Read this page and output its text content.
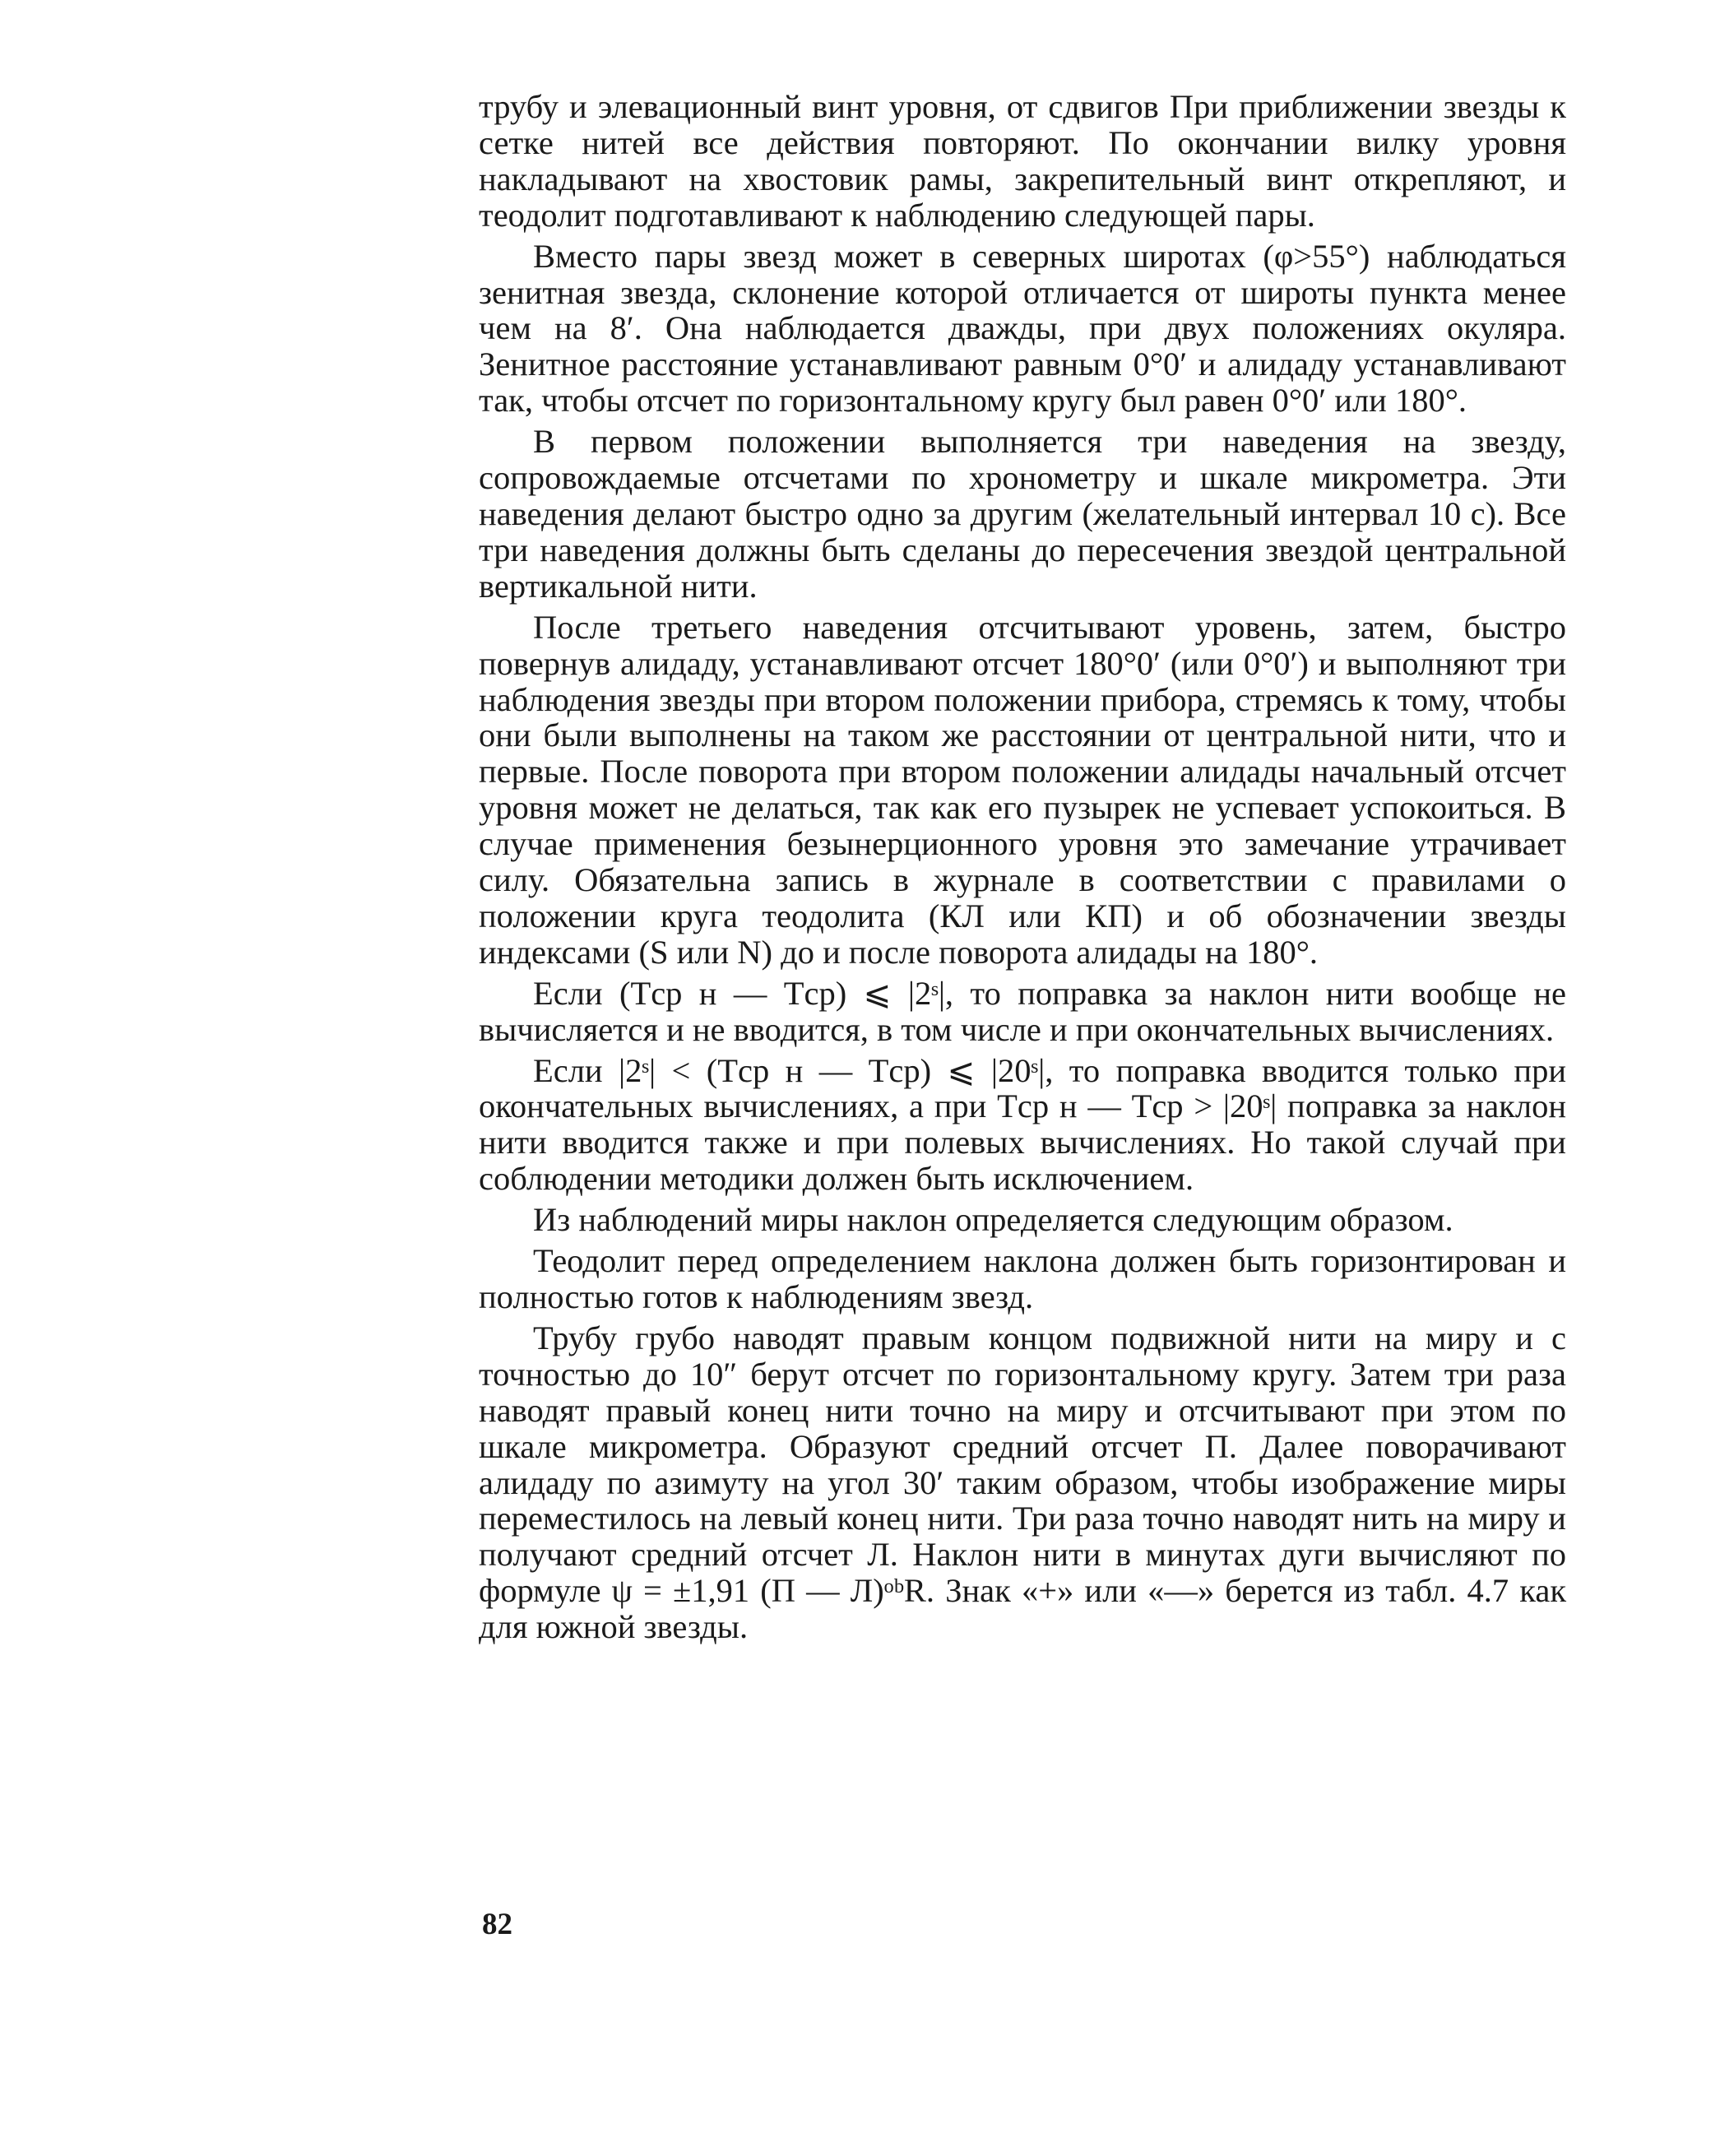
трубу и элевационный винт уровня, от сдвигов При приближении звезды к сетке нитей все действия повторяют. По окончании вилку уровня накладывают на хвостовик рамы, закрепительный винт открепляют, и теодолит подготавливают к наблюдению следующей пары.

Вместо пары звезд может в северных широтах (φ>55°) наблюдаться зенитная звезда, склонение которой отличается от широты пункта менее чем на 8′. Она наблюдается дважды, при двух положениях окуляра. Зенитное расстояние устанавливают равным 0°0′ и алидаду устанавливают так, чтобы отсчет по горизонтальному кругу был равен 0°0′ или 180°.

В первом положении выполняется три наведения на звезду, сопровождаемые отсчетами по хронометру и шкале микрометра. Эти наведения делают быстро одно за другим (желательный интервал 10 с). Все три наведения должны быть сделаны до пересечения звездой центральной вертикальной нити.

После третьего наведения отсчитывают уровень, затем, быстро повернув алидаду, устанавливают отсчет 180°0′ (или 0°0′) и выполняют три наблюдения звезды при втором положении прибора, стремясь к тому, чтобы они были выполнены на таком же расстоянии от центральной нити, что и первые. После поворота при втором положении алидады начальный отсчет уровня может не делаться, так как его пузырек не успевает успокоиться. В случае применения безынерционного уровня это замечание утрачивает силу. Обязательна запись в журнале в соответствии с правилами о положении круга теодолита (КЛ или КП) и об обозначении звезды индексами (S или N) до и после поворота алидады на 180°.

Если (Tср н — Tср) ⩽ |2ˢ|, то поправка за наклон нити вообще не вычисляется и не вводится, в том числе и при окончательных вычислениях.

Если |2ˢ| < (Tср н — Tср) ⩽ |20ˢ|, то поправка вводится только при окончательных вычислениях, а при Tср н — Tср > |20ˢ| поправка за наклон нити вводится также и при полевых вычислениях. Но такой случай при соблюдении методики должен быть исключением.

Из наблюдений миры наклон определяется следующим образом.

Теодолит перед определением наклона должен быть горизонтирован и полностью готов к наблюдениям звезд.

Трубу грубо наводят правым концом подвижной нити на миру и с точностью до 10″ берут отсчет по горизонтальному кругу. Затем три раза наводят правый конец нити точно на миру и отсчитывают при этом по шкале микрометра. Образуют средний отсчет П. Далее поворачивают алидаду по азимуту на угол 30′ таким образом, чтобы изображение миры переместилось на левый конец нити. Три раза точно наводят нить на миру и получают средний отсчет Л. Наклон нити в минутах дуги вычисляют по формуле ψ = ±1,91 (П — Л)ᵒᵇR. Знак «+» или «—» берется из табл. 4.7 как для южной звезды.

82
